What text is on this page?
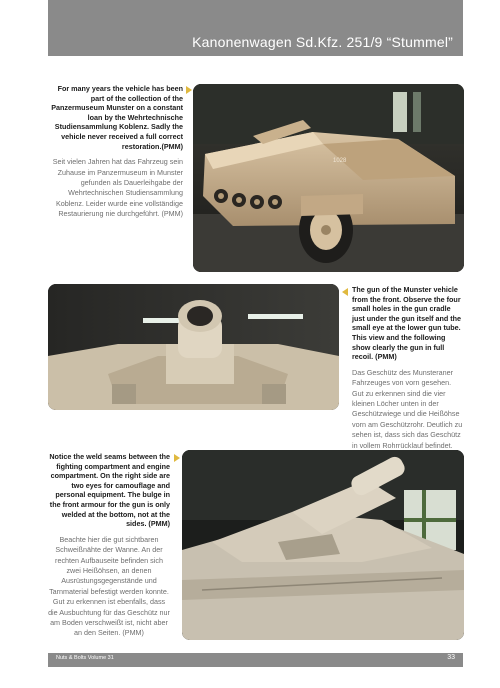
Kanonenwagen Sd.Kfz. 251/9 “Stummel”
For many years the vehicle has been part of the collection of the Panzermuseum Munster on a constant loan by the Wehrtechnische Studiensammlung Koblenz. Sadly the vehicle never received a full correct restoration.(PMM)
Seit vielen Jahren hat das Fahrzeug sein Zuhause im Panzermuseum in Munster gefunden als Dauerleihgabe der Wehrtechnischen Studiensammlung Koblenz. Leider wurde eine vollständige Restaurierung nie durchgeführt. (PMM)
1028
The gun of the Munster vehicle from the front. Observe the four small holes in the gun cradle just under the gun itself and the small eye at the lower gun tube. This view and the following show clearly the gun in full recoil. (PMM)
Das Geschütz des Munsteraner Fahrzeuges von vorn gesehen. Gut zu erkennen sind die vier kleinen Löcher unten in der Geschützwiege und die Heißöhse vorn am Geschützrohr. Deutlich zu sehen ist, dass sich das Geschütz in vollem Rohrrücklauf befindet.
Notice the weld seams between the fighting compartment and engine compartment. On the right side are two eyes for camouflage and personal equipment. The bulge in the front armour for the gun is only welded at the bottom, not at the sides. (PMM)
Beachte hier die gut sichtbaren Schweißnähte der Wanne. An der rechten Aufbauseite befinden sich zwei Heißöhsen, an denen Ausrüstungsgegenstände und Tarnmaterial befestigt werden konnte. Gut zu erkennen ist ebenfalls, dass die Ausbuchtung für das Geschütz nur am Boden verschweißt ist, nicht aber an den Seiten. (PMM)
Nuts & Bolts Volume 31	33
